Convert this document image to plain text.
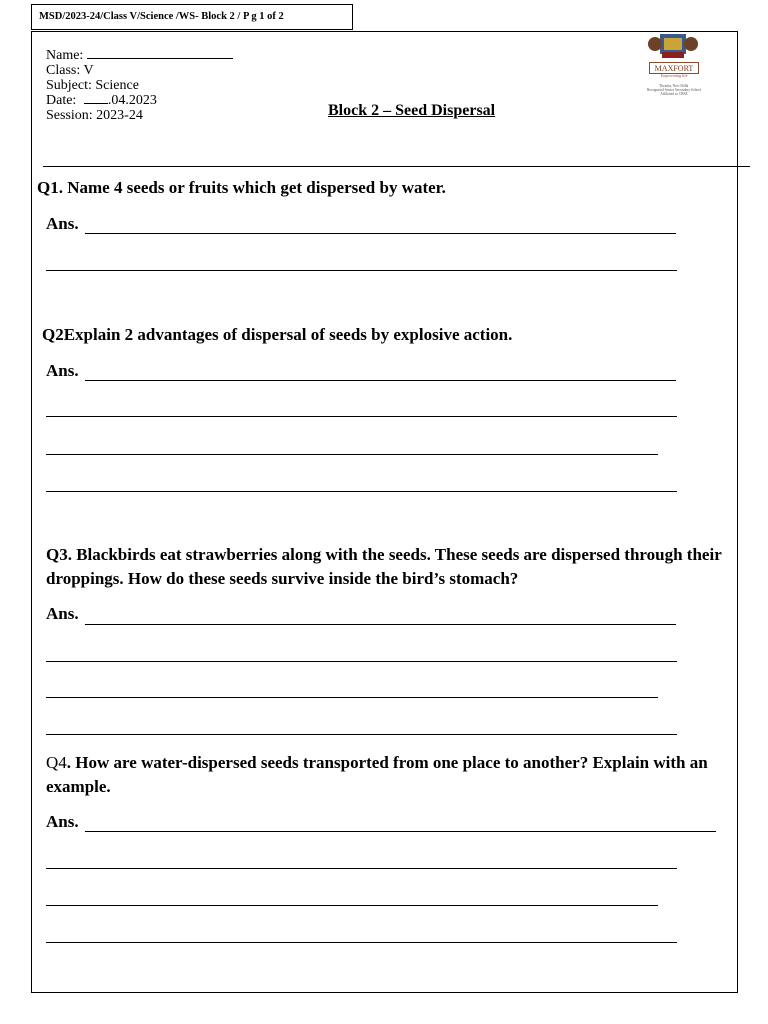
MSD/2023-24/Class V/Science /WS- Block 2 / P g 1 of 2
Name:
Class: V
Subject: Science
Date: .04.2023
Session: 2023-24	Block 2 – Seed Dispersal
MAXFORT
Empowering life
Dwarka, New Delhi
Recognised Senior Secondary School
Affiliated to CBSE
Q1. Name 4 seeds or fruits which get dispersed by water.
Ans.
Q2Explain 2 advantages of dispersal of seeds by explosive action.
Ans.
Q3. Blackbirds eat strawberries along with the seeds. These seeds are dispersed through their droppings. How do these seeds survive inside the bird’s stomach?
Ans.
Q4. How are water-dispersed seeds transported from one place to another? Explain with an example.
Ans.
